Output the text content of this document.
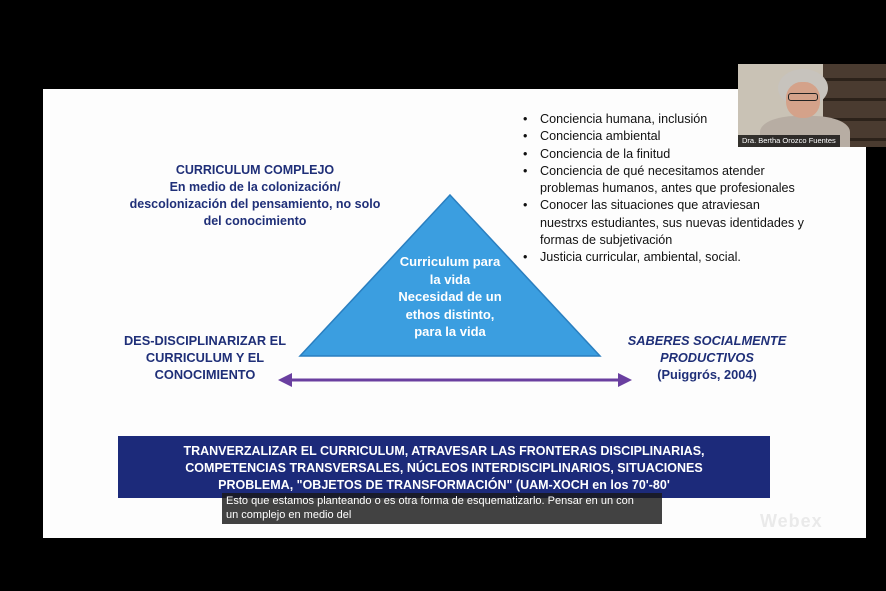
CURRICULUM COMPLEJO
En medio de la colonización/
descolonización del pensamiento, no solo
del conocimiento
• Conciencia humana, inclusión
• Conciencia ambiental
• Conciencia de la finitud
• Conciencia de qué necesitamos atender problemas humanos, antes que profesionales
• Conocer las situaciones que atraviesan nuestrxs estudiantes, sus nuevas identidades y formas de subjetivación
• Justicia curricular, ambiental, social.
Curriculum para
la vida
Necesidad de un
ethos distinto,
para la vida
DES-DISCIPLINARIZAR EL
CURRICULUM Y EL
CONOCIMIENTO
SABERES SOCIALMENTE
PRODUCTIVOS
(Puiggrós, 2004)
TRANVERZALIZAR EL CURRICULUM, ATRAVESAR LAS FRONTERAS DISCIPLINARIAS,
COMPETENCIAS TRANSVERSALES, NÚCLEOS INTERDISCIPLINARIOS, SITUACIONES
PROBLEMA, "OBJETOS DE TRANSFORMACIÓN" (UAM-XOCH en los 70'-80'
Esto que estamos planteando o es otra forma de esquematizarlo. Pensar en un con
un complejo en medio del
Dra. Bertha Orozco Fuentes
Webex
